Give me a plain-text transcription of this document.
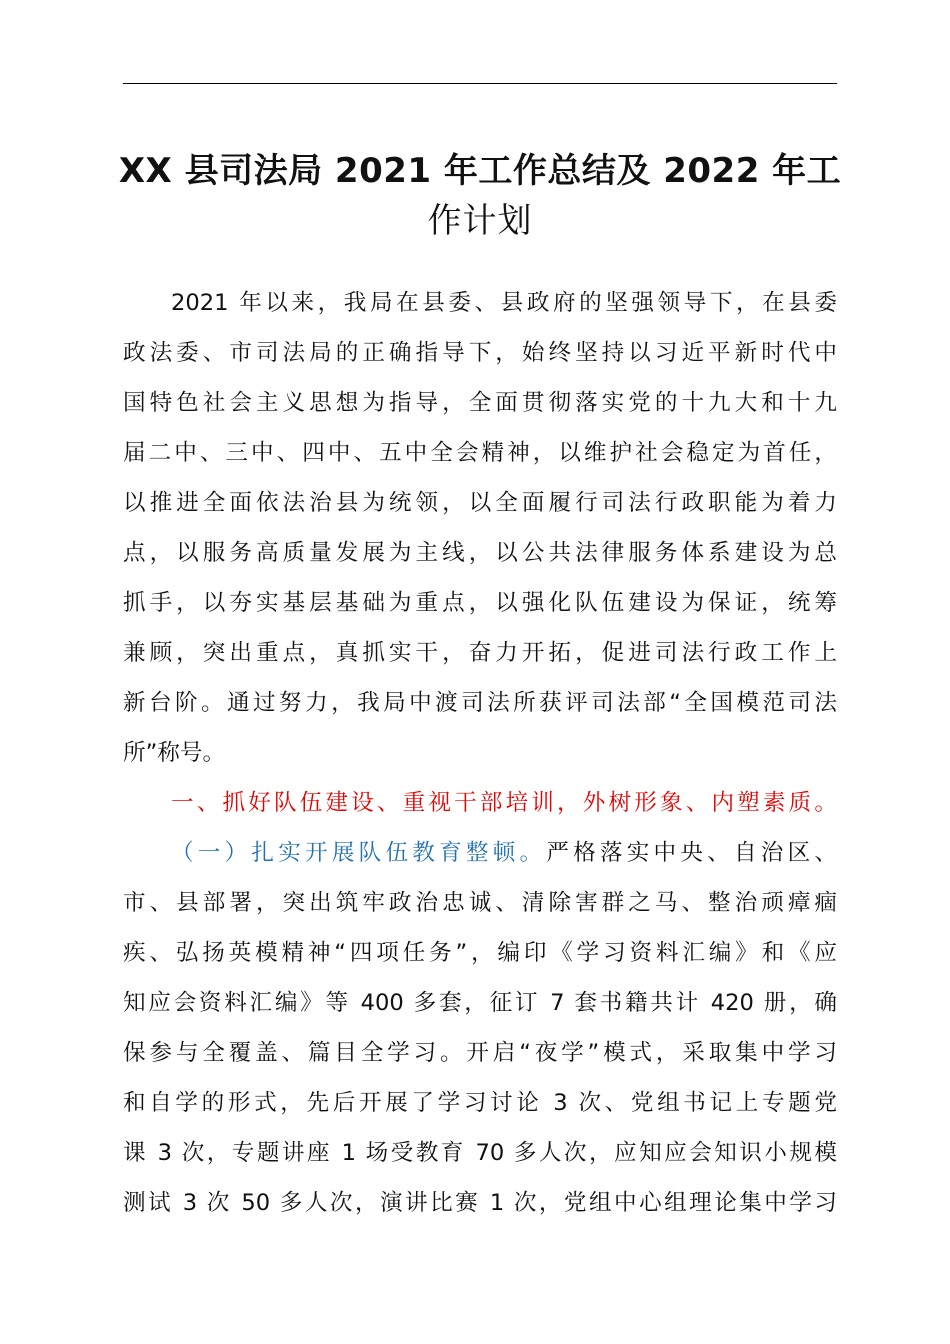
XX 县司法局 2021 年工作总结及 2022 年工
作计划
2021 年以来，我局在县委、县政府的坚强领导下，在县委
政法委、市司法局的正确指导下，始终坚持以习近平新时代中
国特色社会主义思想为指导，全面贯彻落实党的十九大和十九
届二中、三中、四中、五中全会精神，以维护社会稳定为首任，
以推进全面依法治县为统领，以全面履行司法行政职能为着力
点，以服务高质量发展为主线，以公共法律服务体系建设为总
抓手，以夯实基层基础为重点，以强化队伍建设为保证，统筹
兼顾，突出重点，真抓实干，奋力开拓，促进司法行政工作上
新台阶。通过努力，我局中渡司法所获评司法部“全国模范司法
所”称号。
一、抓好队伍建设、重视干部培训，外树形象、内塑素质。
（一）扎实开展队伍教育整顿。严格落实中央、自治区、
市、县部署，突出筑牢政治忠诚、清除害群之马、整治顽瘴痼
疾、弘扬英模精神“四项任务”，编印《学习资料汇编》和《应
知应会资料汇编》等 400 多套，征订 7 套书籍共计 420 册，确
保参与全覆盖、篇目全学习。开启“夜学”模式，采取集中学习
和自学的形式，先后开展了学习讨论 3 次、党组书记上专题党
课 3 次，专题讲座 1 场受教育 70 多人次，应知应会知识小规模
测试 3 次 50 多人次，演讲比赛 1 次，党组中心组理论集中学习
